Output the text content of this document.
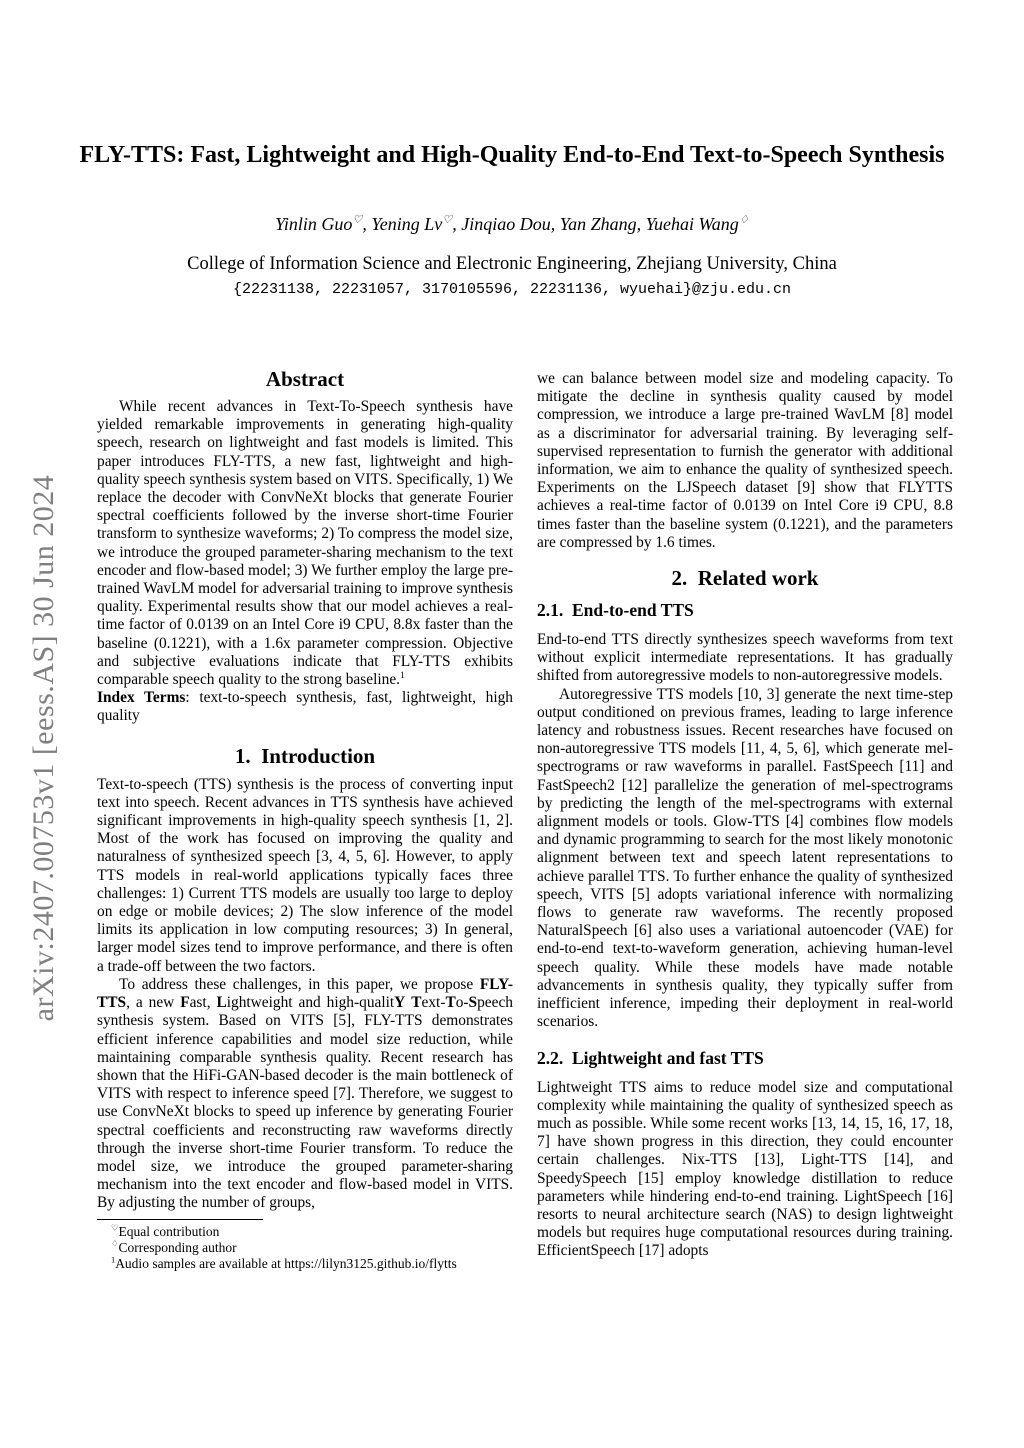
arXiv:2407.00753v1 [eess.AS] 30 Jun 2024
FLY-TTS: Fast, Lightweight and High-Quality End-to-End Text-to-Speech Synthesis
Yinlin Guo♡, Yening Lv♡, Jinqiao Dou, Yan Zhang, Yuehai Wang♢
College of Information Science and Electronic Engineering, Zhejiang University, China
{22231138, 22231057, 3170105596, 22231136, wyuehai}@zju.edu.cn
Abstract

While recent advances in Text-To-Speech synthesis have yielded remarkable improvements in generating high-quality speech, research on lightweight and fast models is limited. This paper introduces FLY-TTS, a new fast, lightweight and high-quality speech synthesis system based on VITS. Specifically, 1) We replace the decoder with ConvNeXt blocks that generate Fourier spectral coefficients followed by the inverse short-time Fourier transform to synthesize waveforms; 2) To compress the model size, we introduce the grouped parameter-sharing mechanism to the text encoder and flow-based model; 3) We further employ the large pre-trained WavLM model for adversarial training to improve synthesis quality. Experimental results show that our model achieves a real-time factor of 0.0139 on an Intel Core i9 CPU, 8.8x faster than the baseline (0.1221), with a 1.6x parameter compression. Objective and subjective evaluations indicate that FLY-TTS exhibits comparable speech quality to the strong baseline.$^1$

Index Terms: text-to-speech synthesis, fast, lightweight, high quality

1. Introduction

Text-to-speech (TTS) synthesis is the process of converting input text into speech. Recent advances in TTS synthesis have achieved significant improvements in high-quality speech synthesis [1, 2]. Most of the work has focused on improving the quality and naturalness of synthesized speech [3, 4, 5, 6]. However, to apply TTS models in real-world applications typically faces three challenges: 1) Current TTS models are usually too large to deploy on edge or mobile devices; 2) The slow inference of the model limits its application in low computing resources; 3) In general, larger model sizes tend to improve performance, and there is often a trade-off between the two factors.

To address these challenges, in this paper, we propose FLY-TTS, a new Fast, Lightweight and high-qualitY Text-To-Speech synthesis system. Based on VITS [5], FLY-TTS demonstrates efficient inference capabilities and model size reduction, while maintaining comparable synthesis quality. Recent research has shown that the HiFi-GAN-based decoder is the main bottleneck of VITS with respect to inference speed [7]. Therefore, we suggest to use ConvNeXt blocks to speed up inference by generating Fourier spectral coefficients and reconstructing raw waveforms directly through the inverse short-time Fourier transform. To reduce the model size, we introduce the grouped parameter-sharing mechanism into the text encoder and flow-based model in VITS. By adjusting the number of groups,

we can balance between model size and modeling capacity. To mitigate the decline in synthesis quality caused by model compression, we introduce a large pre-trained WavLM [8] model as a discriminator for adversarial training. By leveraging self-supervised representation to furnish the generator with additional information, we aim to enhance the quality of synthesized speech. Experiments on the LJSpeech dataset [9] show that FLYTTS achieves a real-time factor of 0.0139 on Intel Core i9 CPU, 8.8 times faster than the baseline system (0.1221), and the parameters are compressed by 1.6 times.

2. Related work
2.1. End-to-end TTS

End-to-end TTS directly synthesizes speech waveforms from text without explicit intermediate representations. It has gradually shifted from autoregressive models to non-autoregressive models.

Autoregressive TTS models [10, 3] generate the next time-step output conditioned on previous frames, leading to large inference latency and robustness issues. Recent researches have focused on non-autoregressive TTS models [11, 4, 5, 6], which generate mel-spectrograms or raw waveforms in parallel. FastSpeech [11] and FastSpeech2 [12] parallelize the generation of mel-spectrograms by predicting the length of the mel-spectrograms with external alignment models or tools. Glow-TTS [4] combines flow models and dynamic programming to search for the most likely monotonic alignment between text and speech latent representations to achieve parallel TTS. To further enhance the quality of synthesized speech, VITS [5] adopts variational inference with normalizing flows to generate raw waveforms. The recently proposed NaturalSpeech [6] also uses a variational autoencoder (VAE) for end-to-end text-to-waveform generation, achieving human-level speech quality. While these models have made notable advancements in synthesis quality, they typically suffer from inefficient inference, impeding their deployment in real-world scenarios.

2.2. Lightweight and fast TTS

Lightweight TTS aims to reduce model size and computational complexity while maintaining the quality of synthesized speech as much as possible. While some recent works [13, 14, 15, 16, 17, 18, 7] have shown progress in this direction, they could encounter certain challenges. Nix-TTS [13], Light-TTS [14], and SpeedySpeech [15] employ knowledge distillation to reduce parameters while hindering end-to-end training. LightSpeech [16] resorts to neural architecture search (NAS) to design lightweight models but requires huge computational resources during training. EfficientSpeech [17] adopts

♡Equal contribution
♢Corresponding author
$^1$Audio samples are available at https://lilyn3125.github.io/flytts
